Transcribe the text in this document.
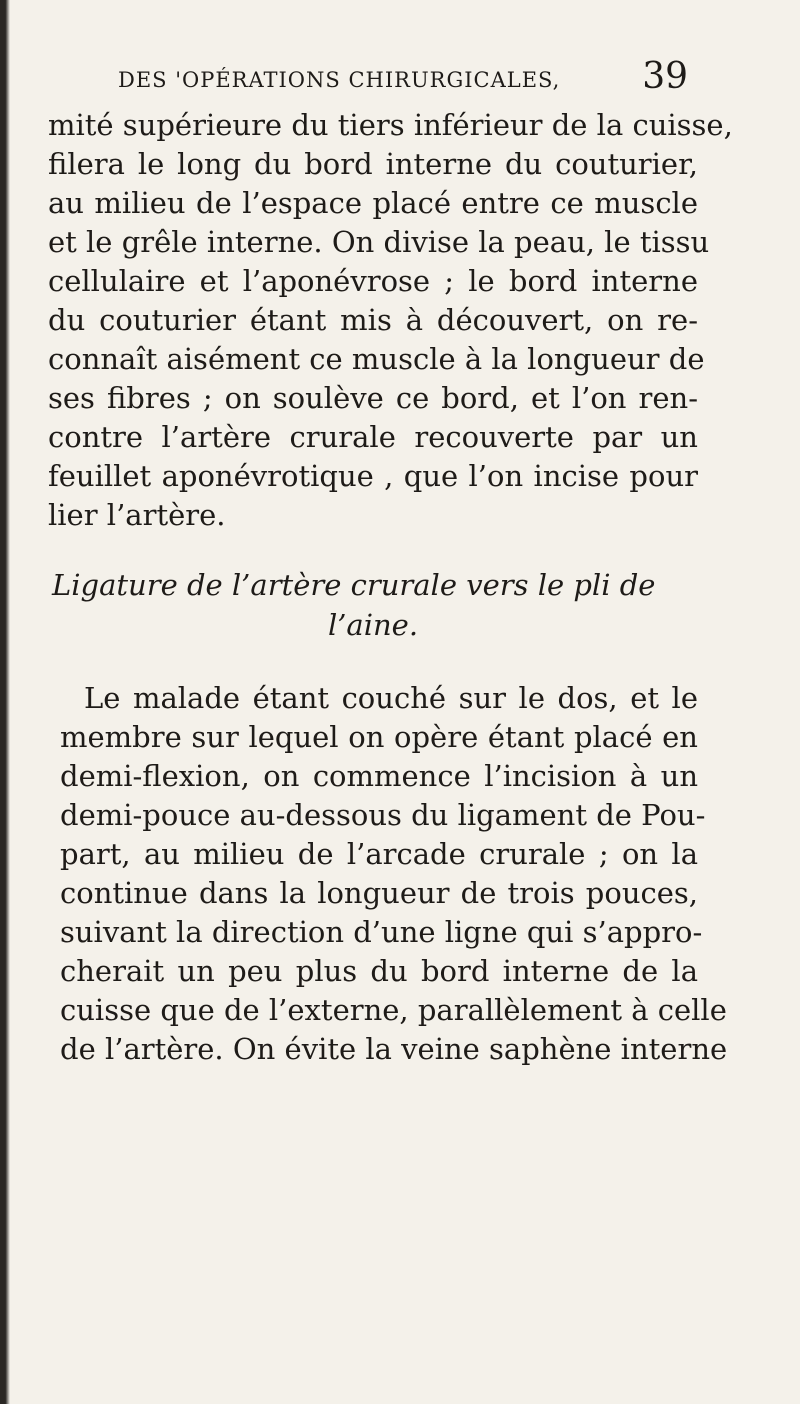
DES 'OPÉRATIONS CHIRURGICALES, 39
mité supérieure du tiers inférieur de la cuisse,
filera le long du bord interne du couturier,
au milieu de l’espace placé entre ce muscle
et le grêle interne. On divise la peau, le tissu
cellulaire et l’aponévrose ; le bord interne
du couturier étant mis à découvert, on re-
connaît aisément ce muscle à la longueur de
ses fibres ; on soulève ce bord, et l’on ren-
contre l’artère crurale recouverte par un
feuillet aponévrotique , que l’on incise pour
lier l’artère.
Ligature de l’artère crurale vers le pli de
l’aine.
Le malade étant couché sur le dos, et le
membre sur lequel on opère étant placé en
demi-flexion, on commence l’incision à un
demi-pouce au-dessous du ligament de Pou-
part, au milieu de l’arcade crurale ; on la
continue dans la longueur de trois pouces,
suivant la direction d’une ligne qui s’appro-
cherait un peu plus du bord interne de la
cuisse que de l’externe, parallèlement à celle
de l’artère. On évite la veine saphène interne
